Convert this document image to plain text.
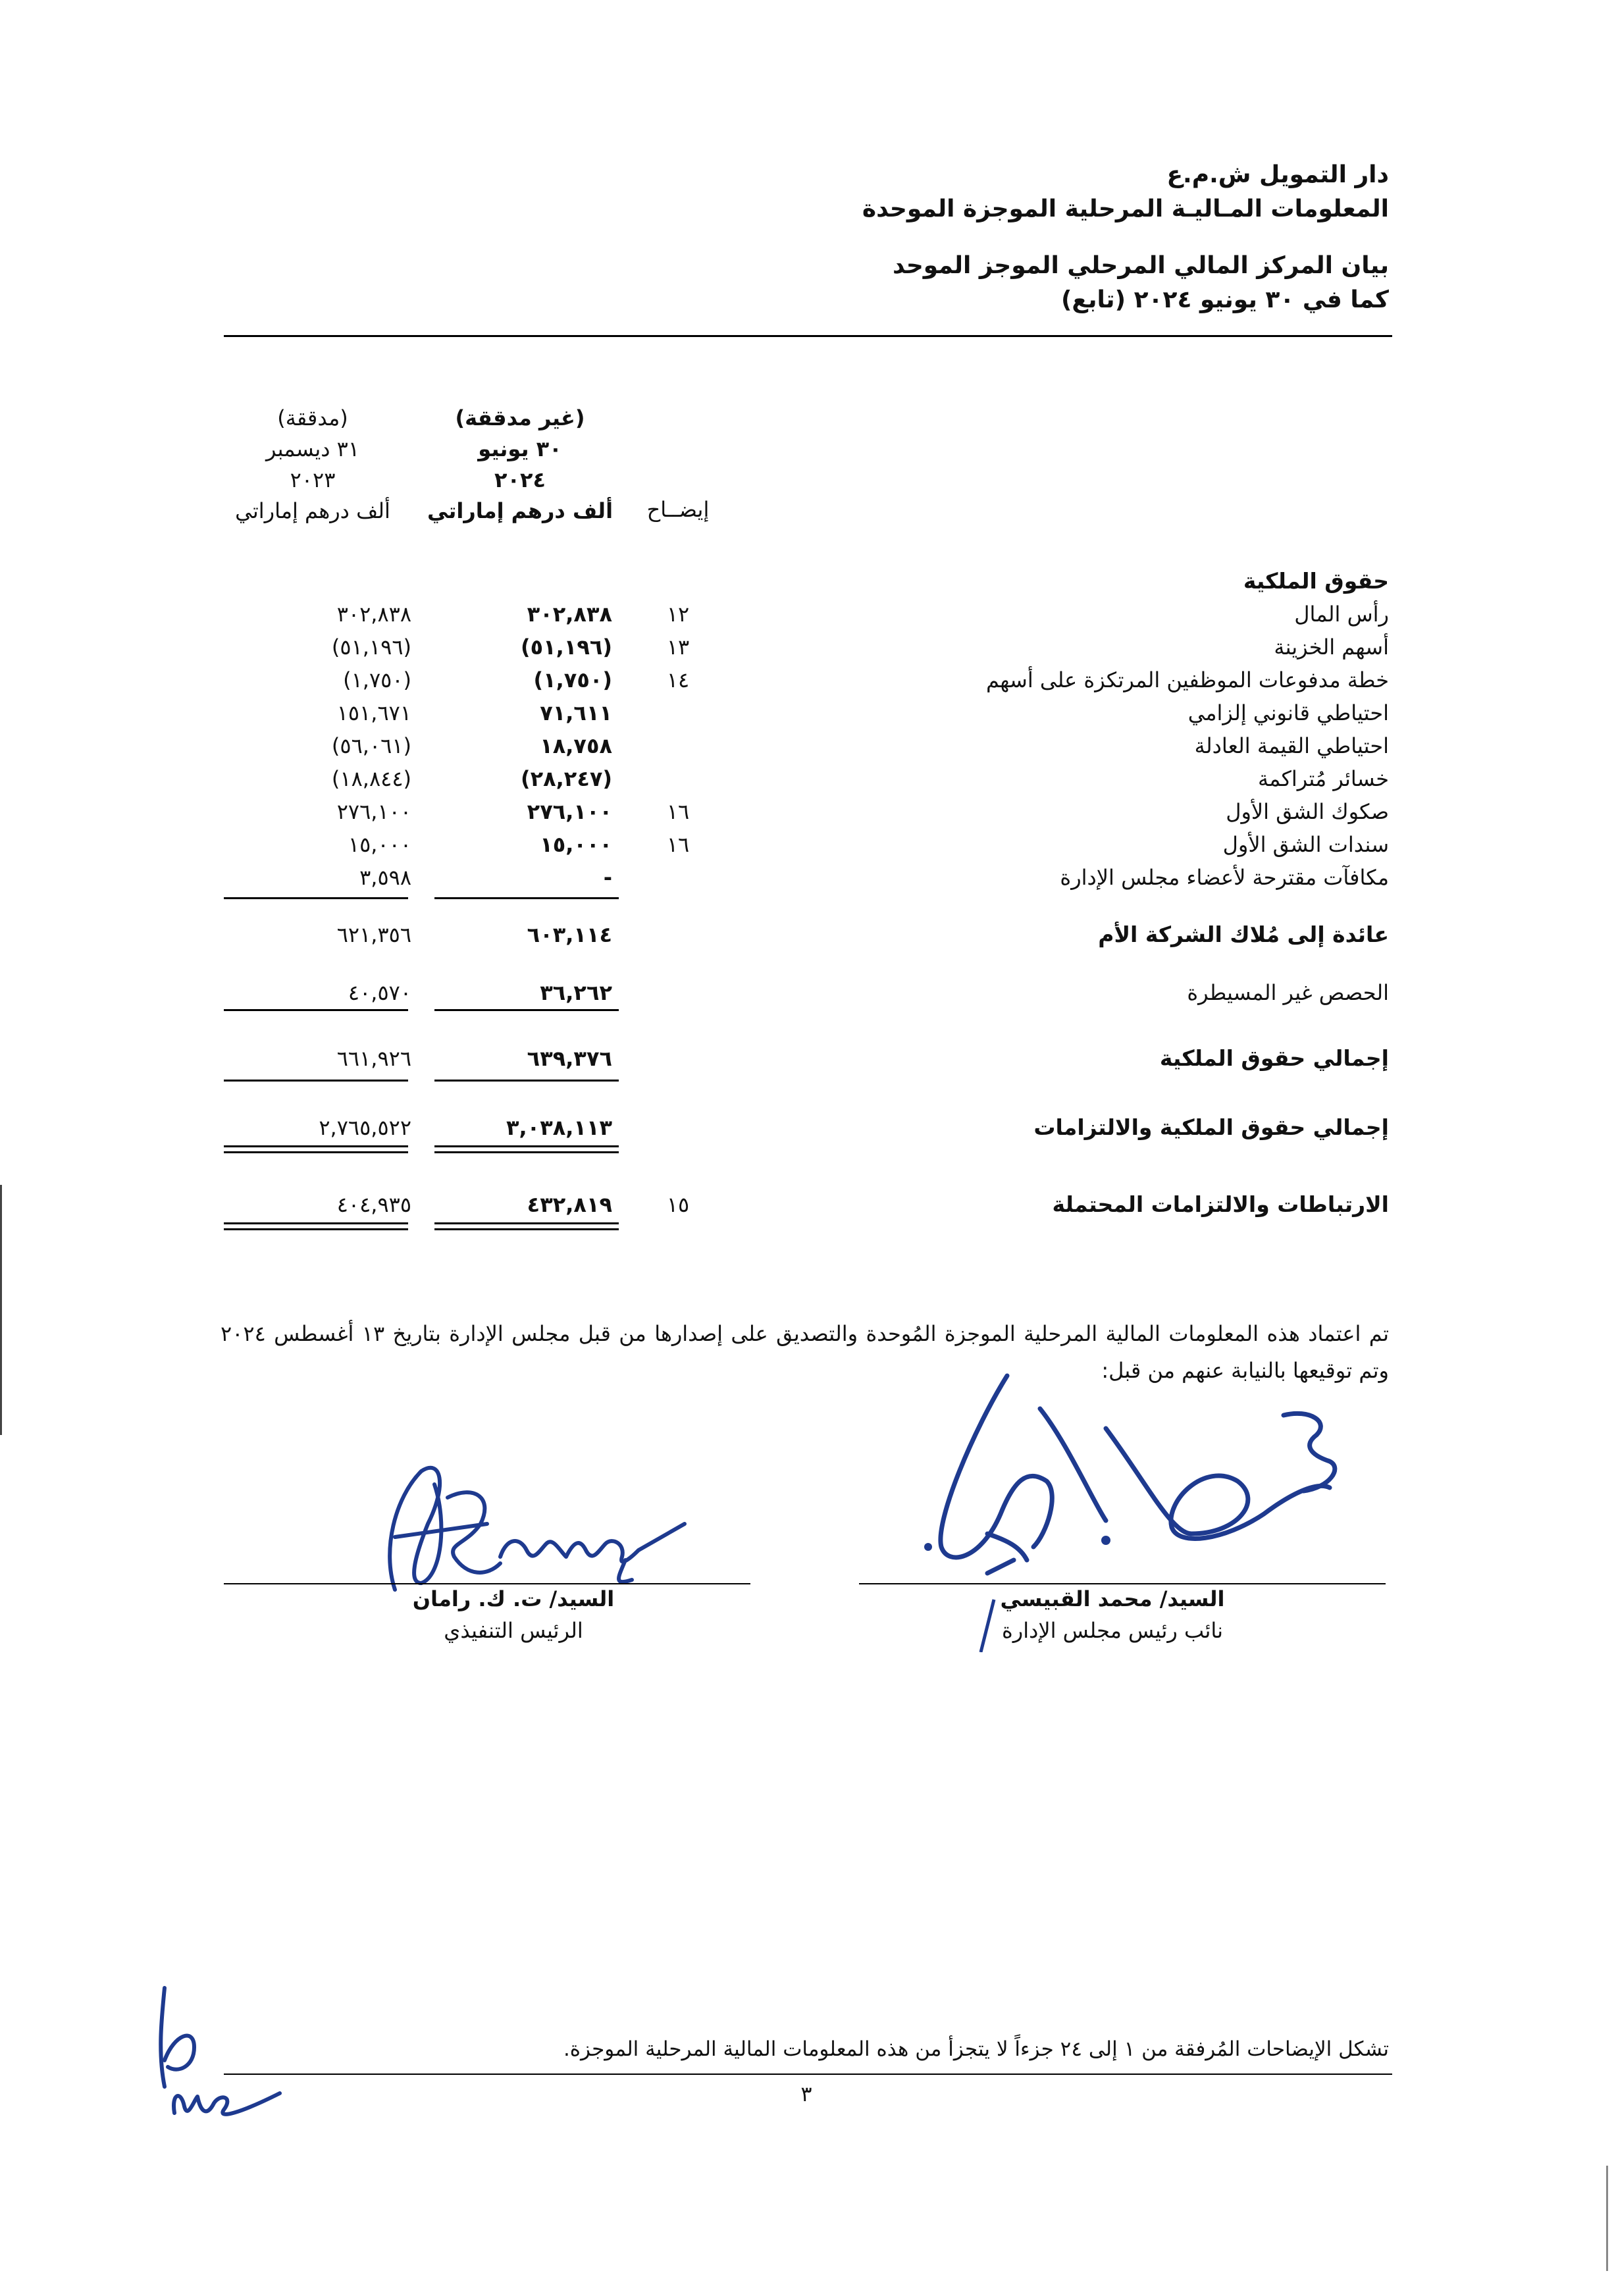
دار التمويل ش.م.ع
المعلومات المـاليـة المرحلية الموجزة الموحدة
بيان المركز المالي المرحلي الموجز الموحد
كما في ٣٠ يونيو ٢٠٢٤ (تابع)
(غير مدققة)
٣٠ يونيو
٢٠٢٤
ألف درهم إماراتي
(مدققة)
٣١ ديسمبر
٢٠٢٣
ألف درهم إماراتي	إيضــاح
حقوق الملكية
رأس المال
١٢
٣٠٢,٨٣٨
٣٠٢,٨٣٨
أسهم الخزينة
١٣
(٥١,١٩٦)
(٥١,١٩٦)
خطة مدفوعات الموظفين المرتكزة على أسهم
١٤
(١,٧٥٠)
(١,٧٥٠)
احتياطي قانوني إلزامي
٧١,٦١١
١٥١,٦٧١
احتياطي القيمة العادلة
١٨,٧٥٨
(٥٦,٠٦١)
خسائر مُتراكمة
(٢٨,٢٤٧)
(١٨,٨٤٤)
صكوك الشق الأول
١٦
٢٧٦,١٠٠
٢٧٦,١٠٠
سندات الشق الأول
١٦
١٥,٠٠٠
١٥,٠٠٠
مكافآت مقترحة لأعضاء مجلس الإدارة
-
٣,٥٩٨
عائدة إلى مُلاك الشركة الأم
٦٠٣,١١٤
٦٢١,٣٥٦
الحصص غير المسيطرة
٣٦,٢٦٢
٤٠,٥٧٠
إجمالي حقوق الملكية
٦٣٩,٣٧٦
٦٦١,٩٢٦
إجمالي حقوق الملكية والالتزامات
٣,٠٣٨,١١٣
٢,٧٦٥,٥٢٢
الارتباطات والالتزامات المحتملة
١٥
٤٣٢,٨١٩
٤٠٤,٩٣٥
تم اعتماد هذه المعلومات المالية المرحلية الموجزة المُوحدة والتصديق على إصدارها من قبل مجلس الإدارة بتاريخ ١٣ أغسطس ٢٠٢٤ وتم توقيعها بالنيابة عنهم من قبل:
السيد/ محمد القبيسي
نائب رئيس مجلس الإدارة
السيد/ ت. ك. رامان
الرئيس التنفيذي
تشكل الإيضاحات المُرفقة من ١ إلى ٢٤ جزءاً لا يتجزأ من هذه المعلومات المالية المرحلية الموجزة.
٣
